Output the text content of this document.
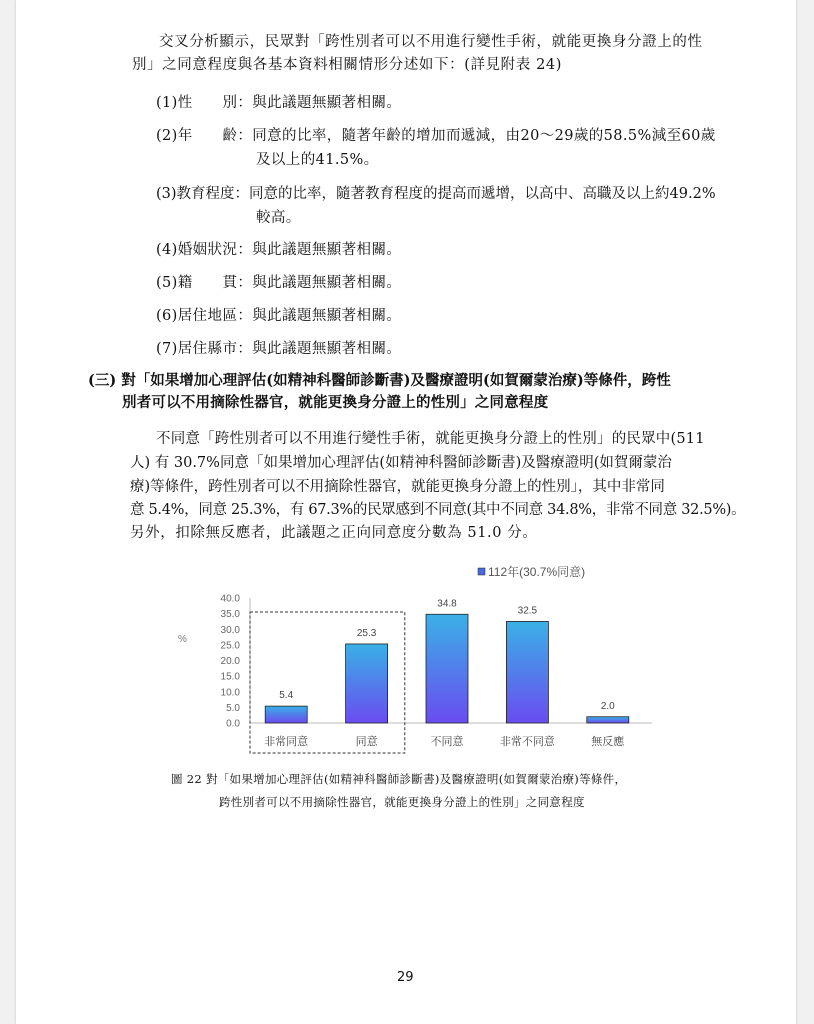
交叉分析顯示，民眾對「跨性別者可以不用進行變性手術，就能更換身分證上的性
別」之同意程度與各基本資料相關情形分述如下：(詳見附表 24)
(1)性　　別：與此議題無顯著相關。
(2)年　　齡：同意的比率，隨著年齡的增加而遞減，由20～29歲的58.5%減至60歲
及以上的41.5%。
(3)教育程度：同意的比率，隨著教育程度的提高而遞增，以高中、高職及以上約49.2%
較高。
(4)婚姻狀況：與此議題無顯著相關。
(5)籍　　貫：與此議題無顯著相關。
(6)居住地區：與此議題無顯著相關。
(7)居住縣市：與此議題無顯著相關。
(三) 對「如果增加心理評估(如精神科醫師診斷書)及醫療證明(如賀爾蒙治療)等條件，跨性
別者可以不用摘除性器官，就能更換身分證上的性別」之同意程度
不同意「跨性別者可以不用進行變性手術，就能更換身分證上的性別」的民眾中(511
人) 有 30.7%同意「如果增加心理評估(如精神科醫師診斷書)及醫療證明(如賀爾蒙治
療)等條件，跨性別者可以不用摘除性器官，就能更換身分證上的性別」，其中非常同
意 5.4%，同意 25.3%，有 67.3%的民眾感到不同意(其中不同意 34.8%，非常不同意 32.5%)。
另外，扣除無反應者，此議題之正向同意度分數為 51.0 分。
112年(30.7%同意)
%
0.0
5.0
10.0
15.0
20.0
25.0
30.0
35.0
40.0
5.4
非常同意
25.3
同意
34.8
不同意
32.5
非常不同意
2.0
無反應
圖 22 對「如果增加心理評估(如精神科醫師診斷書)及醫療證明(如賀爾蒙治療)等條件，
跨性別者可以不用摘除性器官，就能更換身分證上的性別」之同意程度
29
